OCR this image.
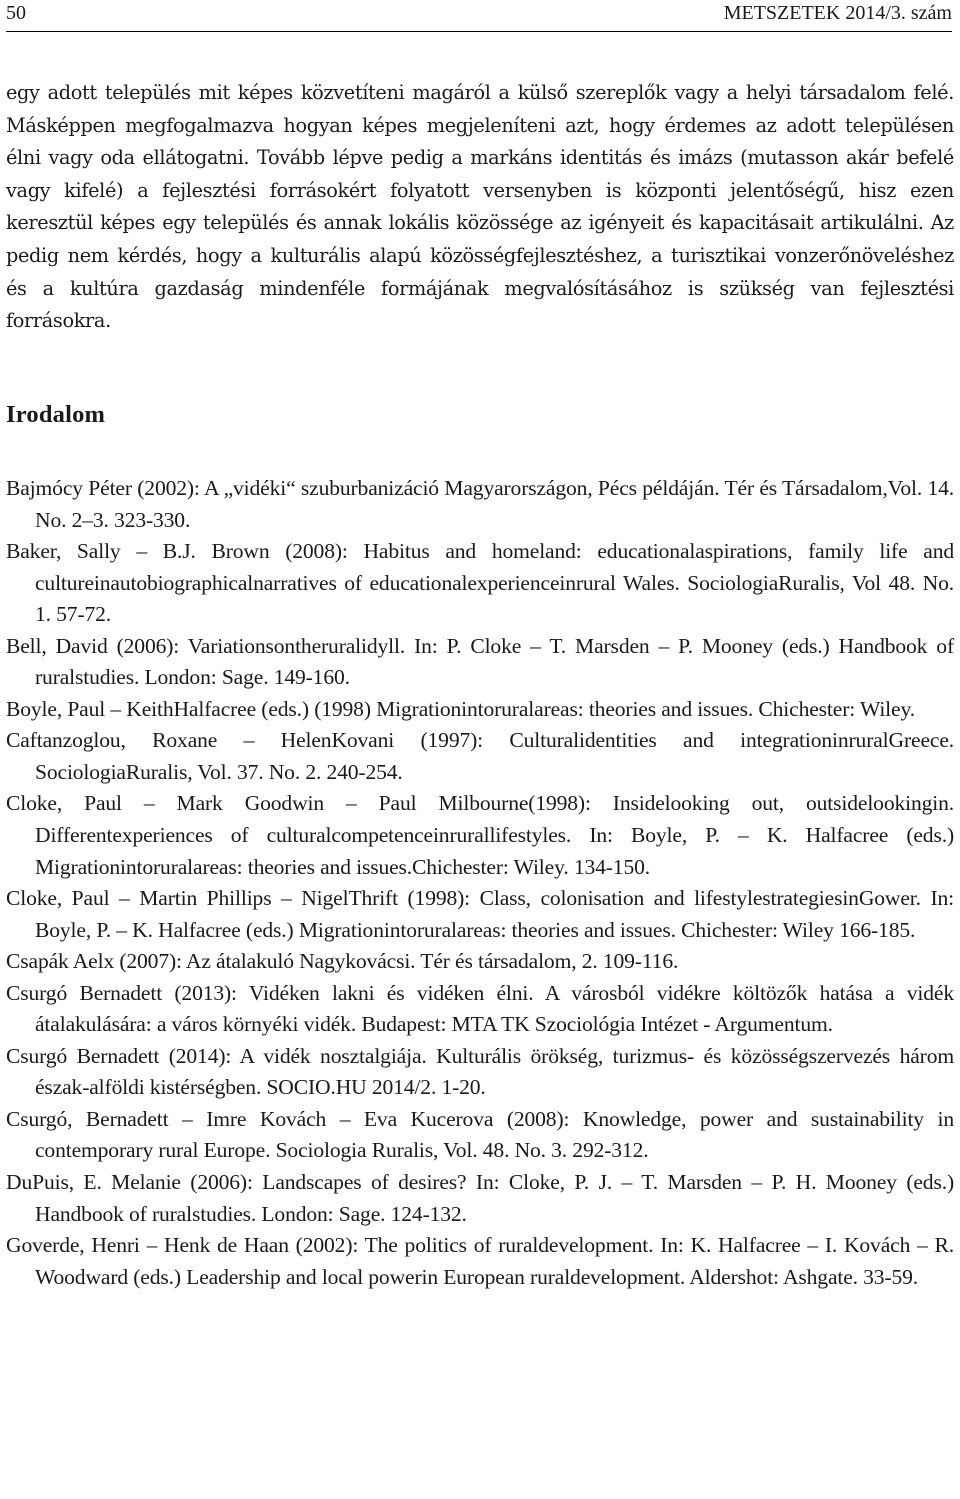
50	METSZETEK 2014/3. szám

egy adott település mit képes közvetíteni magáról a külső szereplők vagy a helyi társadalom felé. Másképpen megfogalmazva hogyan képes megjeleníteni azt, hogy érdemes az adott településen élni vagy oda ellátogatni. Tovább lépve pedig a markáns identitás és imázs (mutasson akár befelé vagy kifelé) a fejlesztési forrásokért folyatott versenyben is központi jelentőségű, hisz ezen keresztül képes egy település és annak lokális közössége az igényeit és kapacitásait artikulálni. Az pedig nem kérdés, hogy a kulturális alapú közösségfejlesztéshez, a turisztikai vonzerőnöveléshez és a kultúra gazdaság mindenféle formájának megvalósításához is szükség van fejlesztési forrásokra.

Irodalom

Bajmócy Péter (2002): A „vidéki“ szuburbanizáció Magyarországon, Pécs példáján. Tér és Társadalom,Vol. 14. No. 2–3. 323-330.

Baker, Sally – B.J. Brown (2008): Habitus and homeland: educationalaspirations, family life and cultureinautobiographicalnarratives of educationalexperienceinrural Wales. SociologiaRuralis, Vol 48. No. 1. 57-72.

Bell, David (2006): Variationsontheruralidyll. In: P. Cloke – T. Marsden – P. Mooney (eds.) Handbook of ruralstudies. London: Sage. 149-160.

Boyle, Paul – KeithHalfacree (eds.) (1998) Migrationintoruralareas: theories and issues. Chichester: Wiley.

Caftanzoglou, Roxane – HelenKovani (1997): Culturalidentities and integrationinruralGreece. SociologiaRuralis, Vol. 37. No. 2. 240-254.

Cloke, Paul – Mark Goodwin – Paul Milbourne(1998): Insidelooking out, outsidelookingin. Differentexperiences of culturalcompetenceinrurallifestyles. In: Boyle, P. – K. Halfacree (eds.) Migrationintoruralareas: theories and issues.Chichester: Wiley. 134-150.

Cloke, Paul – Martin Phillips – NigelThrift (1998): Class, colonisation and lifestylestrategiesinGower. In: Boyle, P. – K. Halfacree (eds.) Migrationintoruralareas: theories and issues. Chichester: Wiley 166-185.

Csapák Aelx (2007): Az átalakuló Nagykovácsi. Tér és társadalom, 2. 109-116.

Csurgó Bernadett (2013): Vidéken lakni és vidéken élni. A városból vidékre költözők hatása a vidék átalakulására: a város környéki vidék. Budapest: MTA TK Szociológia Intézet - Argumentum.

Csurgó Bernadett (2014): A vidék nosztalgiája. Kulturális örökség, turizmus- és közösségszervezés három észak-alföldi kistérségben. SOCIO.HU 2014/2. 1-20.

Csurgó, Bernadett – Imre Kovách – Eva Kucerova (2008): Knowledge, power and sustainability in contemporary rural Europe. Sociologia Ruralis, Vol. 48. No. 3. 292-312.

DuPuis, E. Melanie (2006): Landscapes of desires? In: Cloke, P. J. – T. Marsden – P. H. Mooney (eds.) Handbook of ruralstudies. London: Sage. 124-132.

Goverde, Henri – Henk de Haan (2002): The politics of ruraldevelopment. In: K. Halfacree – I. Kovách – R. Woodward (eds.) Leadership and local powerin European ruraldevelopment. Aldershot: Ashgate. 33-59.
